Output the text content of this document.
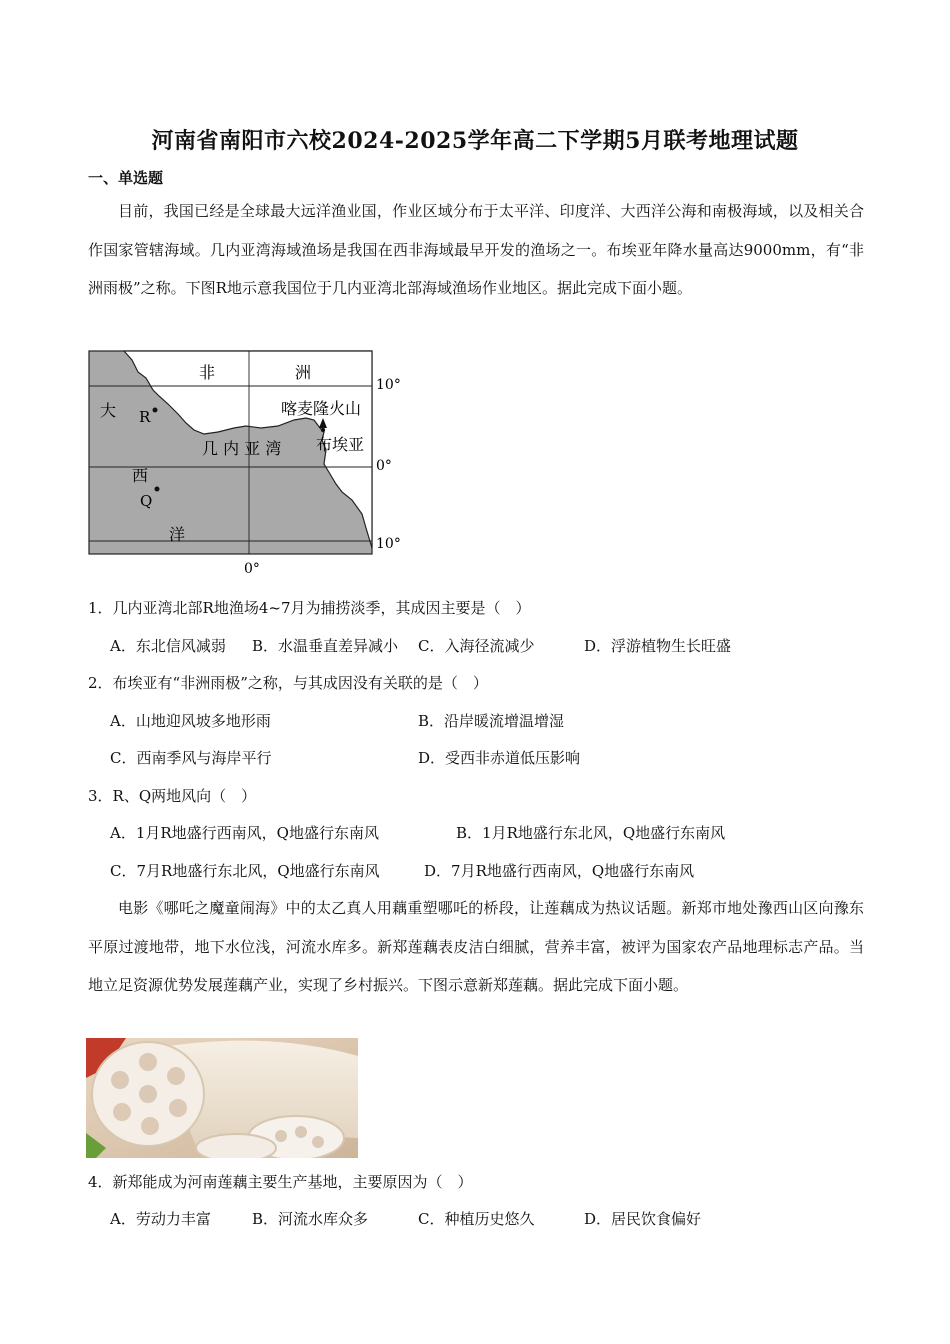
河南省南阳市六校2024-2025学年高二下学期5月联考地理试题
一、单选题
目前，我国已经是全球最大远洋渔业国，作业区域分布于太平洋、印度洋、大西洋公海和南极海域，以及相关合作国家管辖海域。几内亚湾海域渔场是我国在西非海域最早开发的渔场之一。布埃亚年降水量高达9000mm，有“非洲雨极”之称。下图R地示意我国位于几内亚湾北部海域渔场作业地区。据此完成下面小题。
非	洲
大
西
洋
R
Q
几 内 亚 湾
喀麦隆火山
布埃亚
10°
0°
10°
0°
1．几内亚湾北部R地渔场4~7月为捕捞淡季，其成因主要是（　）
A．东北信风减弱 B．水温垂直差异减小 C．入海径流减少	D．浮游植物生长旺盛
2．布埃亚有“非洲雨极”之称，与其成因没有关联的是（　）
A．山地迎风坡多地形雨	B．沿岸暖流增温增湿
C．西南季风与海岸平行	D．受西非赤道低压影响
3．R、Q两地风向（　）
A．1月R地盛行西南风，Q地盛行东南风	B．1月R地盛行东北风，Q地盛行东南风
C．7月R地盛行东北风，Q地盛行东南风	D．7月R地盛行西南风，Q地盛行东南风
电影《哪吒之魔童闹海》中的太乙真人用藕重塑哪吒的桥段，让莲藕成为热议话题。新郑市地处豫西山区向豫东平原过渡地带，地下水位浅，河流水库多。新郑莲藕表皮洁白细腻，营养丰富，被评为国家农产品地理标志产品。当地立足资源优势发展莲藕产业，实现了乡村振兴。下图示意新郑莲藕。据此完成下面小题。
4．新郑能成为河南莲藕主要生产基地，主要原因为（　）
A．劳动力丰富	B．河流水库众多	C．种植历史悠久	D．居民饮食偏好
